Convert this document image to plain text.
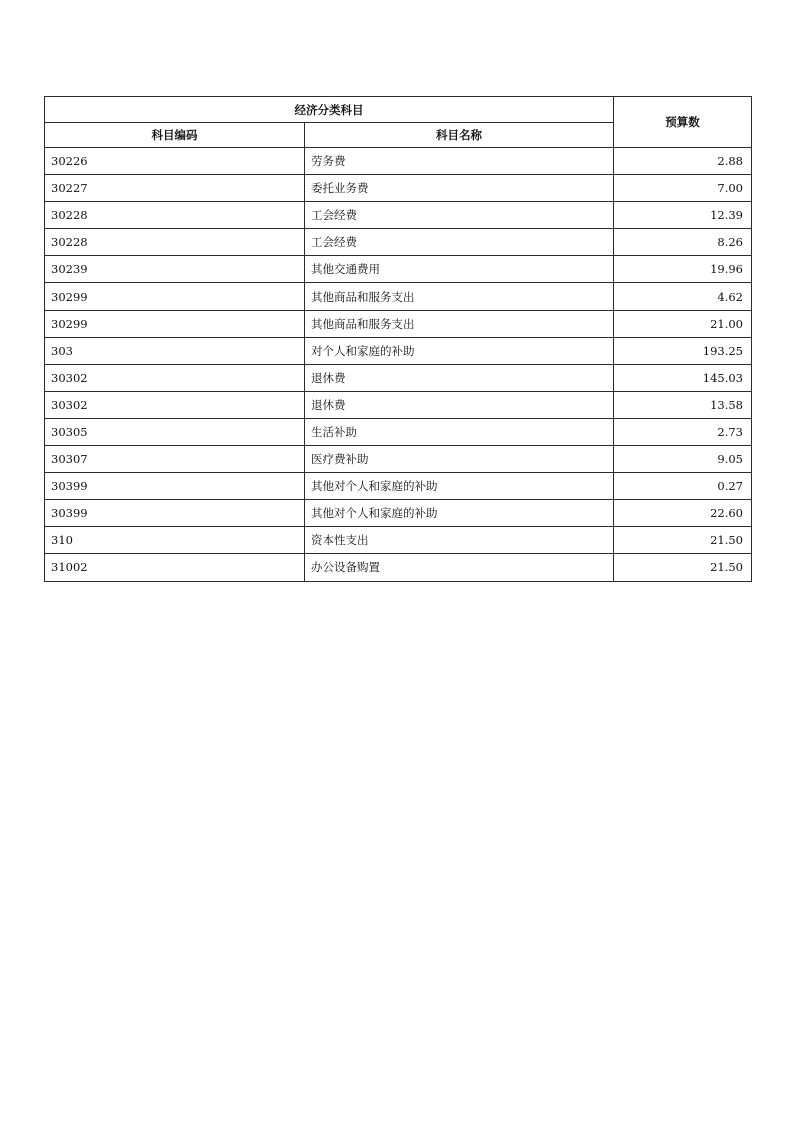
经济分类科目		预算数
科目编码	科目名称	
30226	劳务费	2.88
30227	委托业务费	7.00
30228	工会经费	12.39
30228	工会经费	8.26
30239	其他交通费用	19.96
30299	其他商品和服务支出	4.62
30299	其他商品和服务支出	21.00
303	对个人和家庭的补助	193.25
30302	退休费	145.03
30302	退休费	13.58
30305	生活补助	2.73
30307	医疗费补助	9.05
30399	其他对个人和家庭的补助	0.27
30399	其他对个人和家庭的补助	22.60
310	资本性支出	21.50
31002	办公设备购置	21.50
